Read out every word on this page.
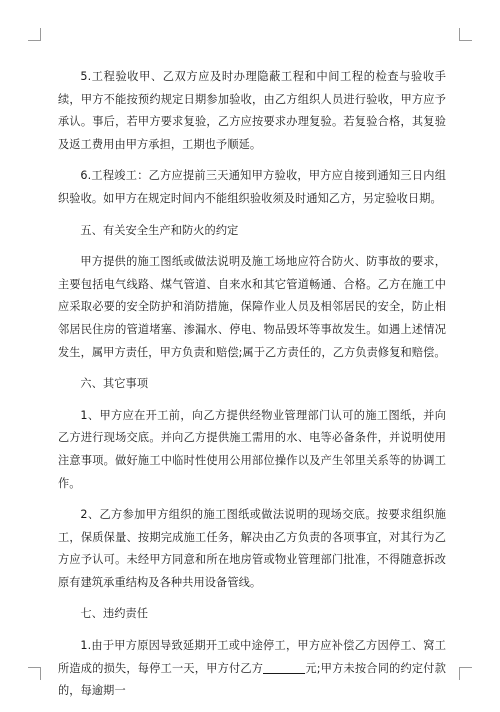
5.工程验收甲、乙双方应及时办理隐蔽工程和中间工程的检查与验收手续，甲方不能按预约规定日期参加验收，由乙方组织人员进行验收，甲方应予承认。事后，若甲方要求复验，乙方应按要求办理复验。若复验合格，其复验及返工费用由甲方承担，工期也予顺延。

6.工程竣工：乙方应提前三天通知甲方验收，甲方应自接到通知三日内组织验收。如甲方在规定时间内不能组织验收须及时通知乙方，另定验收日期。

五、有关安全生产和防火的约定

甲方提供的施工图纸或做法说明及施工场地应符合防火、防事故的要求，主要包括电气线路、煤气管道、自来水和其它管道畅通、合格。乙方在施工中应采取必要的安全防护和消防措施，保障作业人员及相邻居民的安全，防止相邻居民住房的管道堵塞、渗漏水、停电、物品毁坏等事故发生。如遇上述情况发生，属甲方责任，甲方负责和赔偿;属于乙方责任的，乙方负责修复和赔偿。

六、其它事项

1、甲方应在开工前，向乙方提供经物业管理部门认可的施工图纸，并向乙方进行现场交底。并向乙方提供施工需用的水、电等必备条件，并说明使用注意事项。做好施工中临时性使用公用部位操作以及产生邻里关系等的协调工作。

2、乙方参加甲方组织的施工图纸或做法说明的现场交底。按要求组织施工，保质保量、按期完成施工任务，解决由乙方负责的各项事宜，对其行为乙方应予认可。未经甲方同意和所在地房管或物业管理部门批准，不得随意拆改原有建筑承重结构及各种共用设备管线。

七、违约责任

1.由于甲方原因导致延期开工或中途停工，甲方应补偿乙方因停工、窝工所造成的损失，每停工一天，甲方付乙方	元;甲方未按合同的约定付款的，每逾期一
